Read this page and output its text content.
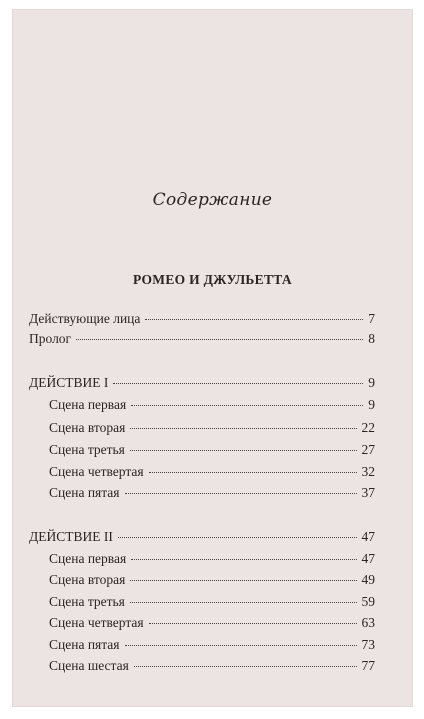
Содержание
РОМЕО И ДЖУЛЬЕТТА
Действующие лица	7
Пролог	8
ДЕЙСТВИЕ I	9
Сцена первая	9
Сцена вторая	22
Сцена третья	27
Сцена четвертая	32
Сцена пятая	37
ДЕЙСТВИЕ II	47
Сцена первая	47
Сцена вторая	49
Сцена третья	59
Сцена четвертая	63
Сцена пятая	73
Сцена шестая	77
